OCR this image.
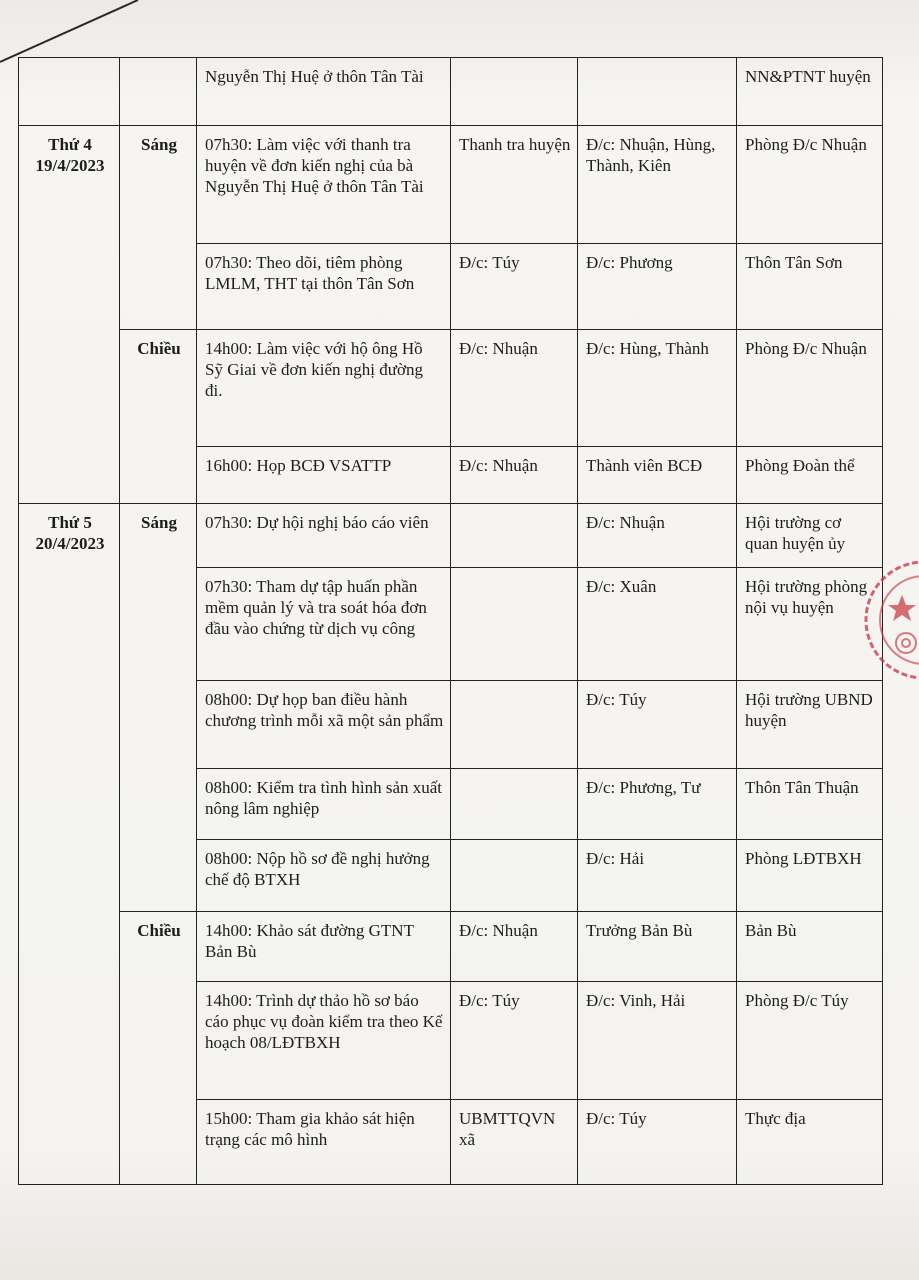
		Nguyễn Thị Huệ ở thôn Tân Tài			NN&PTNT huyện

Thứ 4
19/4/2023	Sáng	07h30: Làm việc với thanh tra huyện về đơn kiến nghị của bà Nguyễn Thị Huệ ở thôn Tân Tài	Thanh tra huyện	Đ/c: Nhuận, Hùng, Thành, Kiên	Phòng Đ/c Nhuận
		07h30: Theo dõi, tiêm phòng LMLM, THT tại thôn Tân Sơn	Đ/c: Túy	Đ/c: Phương	Thôn Tân Sơn
	Chiều	14h00: Làm việc với hộ ông Hồ Sỹ Giai về đơn kiến nghị đường đi.	Đ/c: Nhuận	Đ/c: Hùng, Thành	Phòng Đ/c Nhuận
		16h00: Họp BCĐ VSATTP	Đ/c: Nhuận	Thành viên BCĐ	Phòng Đoàn thể

Thứ 5
20/4/2023	Sáng	07h30: Dự hội nghị báo cáo viên		Đ/c: Nhuận	Hội trường cơ quan huyện ủy
		07h30: Tham dự tập huấn phần mềm quản lý và tra soát hóa đơn đầu vào chứng từ dịch vụ công		Đ/c: Xuân	Hội trường phòng nội vụ huyện
		08h00: Dự họp ban điều hành chương trình mỗi xã một sản phẩm		Đ/c: Túy	Hội trường UBND huyện
		08h00: Kiểm tra tình hình sản xuất nông lâm nghiệp		Đ/c: Phương, Tư	Thôn Tân Thuận
		08h00: Nộp hồ sơ đề nghị hưởng chế độ BTXH		Đ/c: Hải	Phòng LĐTBXH
	Chiều	14h00: Khảo sát đường GTNT Bản Bù	Đ/c: Nhuận	Trưởng Bản Bù	Bản Bù
		14h00: Trình dự thảo hồ sơ báo cáo phục vụ đoàn kiểm tra theo Kế hoạch 08/LĐTBXH	Đ/c: Túy	Đ/c: Vinh, Hải	Phòng Đ/c Túy
		15h00: Tham gia khảo sát hiện trạng các mô hình	UBMTTQVN xã	Đ/c: Túy	Thực địa
